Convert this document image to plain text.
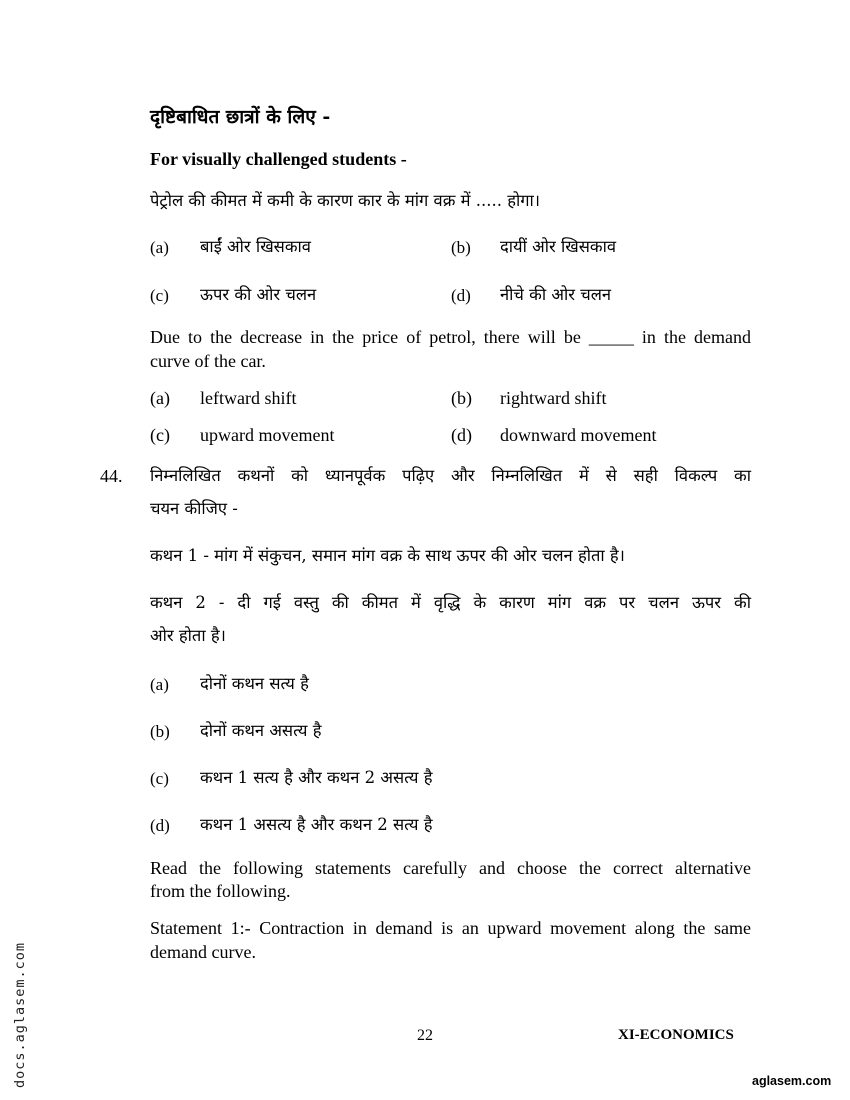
दृष्टिबाधित छात्रों के लिए -
For visually challenged students -
पेट्रोल की कीमत में कमी के कारण कार के मांग वक्र में ..... होगा।
(a) बाईं ओर खिसकाव	(b) दायीं ओर खिसकाव
(c) ऊपर की ओर चलन	(d) नीचे की ओर चलन
Due to the decrease in the price of petrol, there will be _____ in the demand
curve of the car.
(a) leftward shift	(b) rightward shift
(c) upward movement	(d) downward movement
44. निम्नलिखित कथनों को ध्यानपूर्वक पढ़िए और निम्नलिखित में से सही विकल्प का
चयन कीजिए -
कथन 1 - मांग में संकुचन, समान मांग वक्र के साथ ऊपर की ओर चलन होता है।
कथन 2 - दी गई वस्तु की कीमत में वृद्धि के कारण मांग वक्र पर चलन ऊपर की
ओर होता है।
(a) दोनों कथन सत्य है
(b) दोनों कथन असत्य है
(c) कथन 1 सत्य है और कथन 2 असत्य है
(d) कथन 1 असत्य है और कथन 2 सत्य है
Read the following statements carefully and choose the correct alternative
from the following.
Statement 1:- Contraction in demand is an upward movement along the same
demand curve.
22	XI-ECONOMICS
docs.aglasem.com	aglasem.com
